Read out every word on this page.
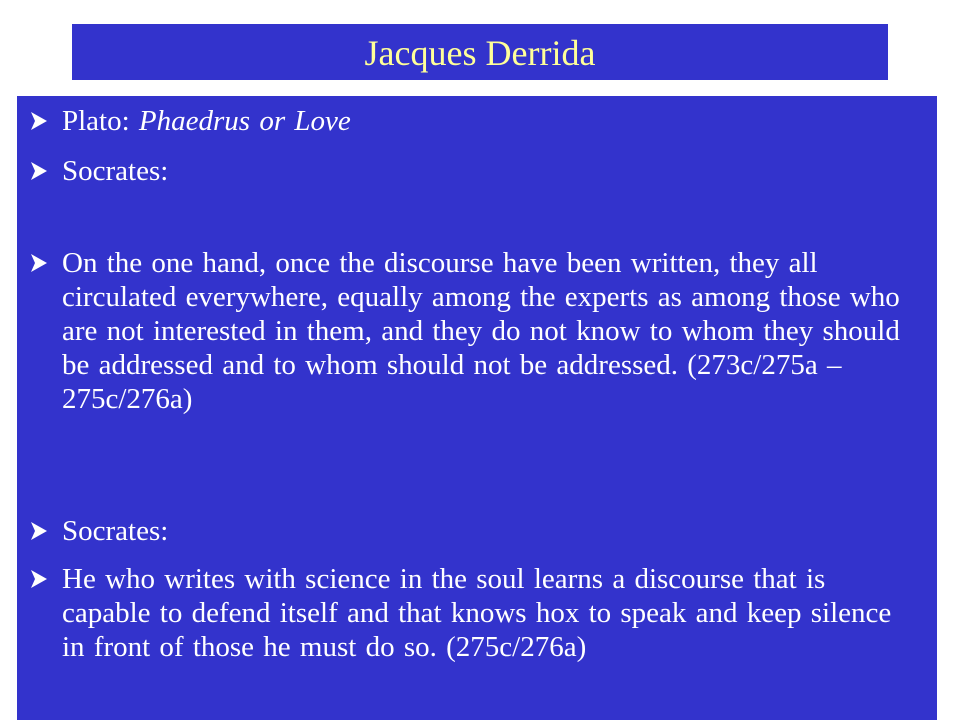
Jacques Derrida
Plato: Phaedrus or Love
Socrates:
On the one hand, once the discourse have been written, they all circulated everywhere, equally among the experts as among those who are not interested in them, and they do not know to whom they should be addressed and to whom should not be addressed. (273c/275a – 275c/276a)
Socrates:
He who writes with science in the soul learns a discourse that is capable to defend itself and that knows hox to speak and keep silence in front of those he must do so. (275c/276a)
